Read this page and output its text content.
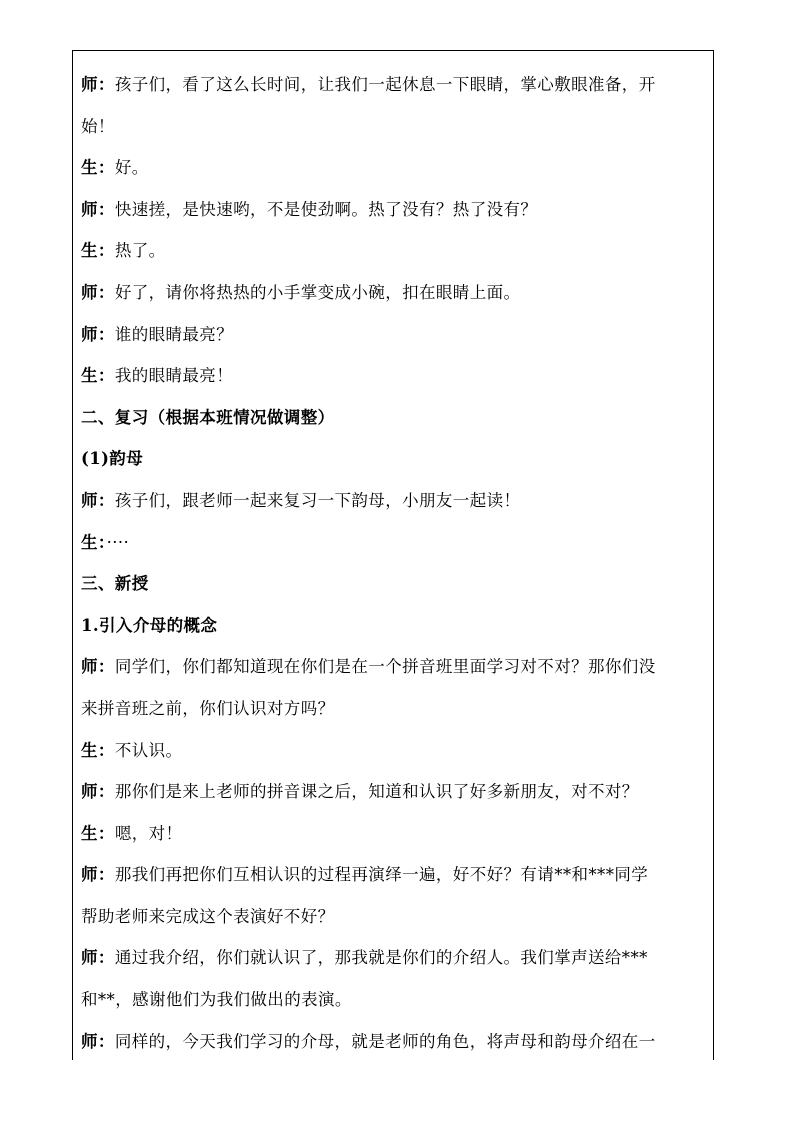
师：孩子们，看了这么长时间，让我们一起休息一下眼睛，掌心敷眼准备，开
始！
生：好。
师：快速搓，是快速哟，不是使劲啊。热了没有？热了没有？
生：热了。
师：好了，请你将热热的小手掌变成小碗，扣在眼睛上面。
师：谁的眼睛最亮？
生：我的眼睛最亮！
二、复习（根据本班情况做调整）
(1)韵母
师：孩子们，跟老师一起来复习一下韵母，小朋友一起读！
生：····
三、新授
1.引入介母的概念
师：同学们，你们都知道现在你们是在一个拼音班里面学习对不对？那你们没
来拼音班之前，你们认识对方吗？
生：不认识。
师：那你们是来上老师的拼音课之后，知道和认识了好多新朋友，对不对？
生：嗯，对！
师：那我们再把你们互相认识的过程再演绎一遍，好不好？有请**和***同学
帮助老师来完成这个表演好不好？
师：通过我介绍，你们就认识了，那我就是你们的介绍人。我们掌声送给***
和**，感谢他们为我们做出的表演。
师：同样的，今天我们学习的介母，就是老师的角色，将声母和韵母介绍在一
